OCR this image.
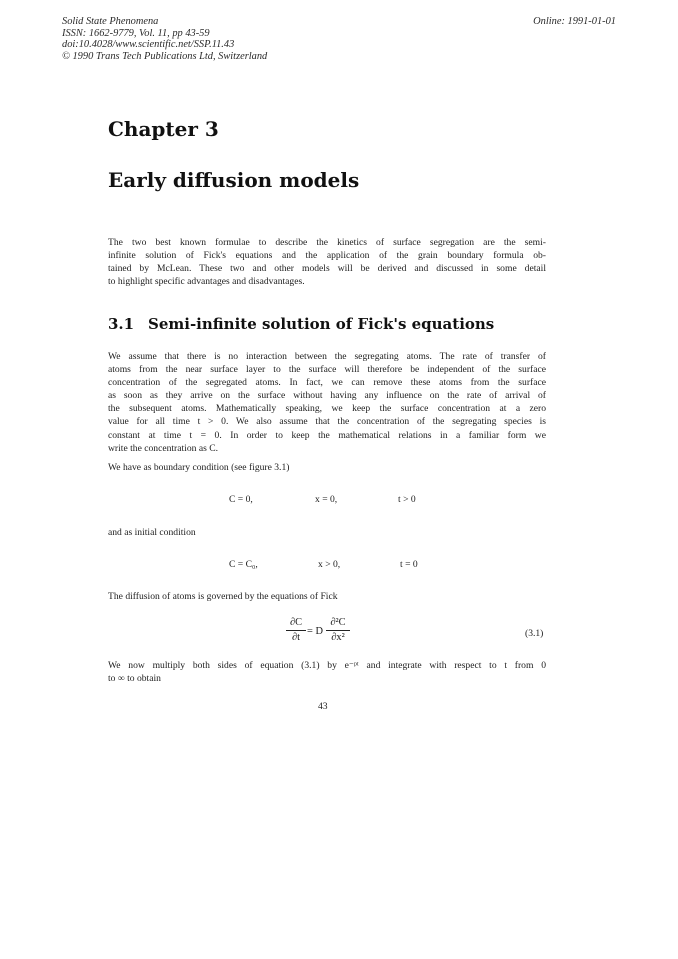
Solid State Phenomena
ISSN: 1662-9779, Vol. 11, pp 43-59
doi:10.4028/www.scientific.net/SSP.11.43
© 1990 Trans Tech Publications Ltd, Switzerland
Online: 1991-01-01
Chapter 3
Early diffusion models
The two best known formulae to describe the kinetics of surface segregation are the semi-
infinite solution of Fick's equations and the application of the grain boundary formula ob-
tained by McLean. These two and other models will be derived and discussed in some detail
to highlight specific advantages and disadvantages.
3.1 Semi-infinite solution of Fick's equations
We assume that there is no interaction between the segregating atoms. The rate of transfer of
atoms from the near surface layer to the surface will therefore be independent of the surface
concentration of the segregated atoms. In fact, we can remove these atoms from the surface
as soon as they arrive on the surface without having any influence on the rate of arrival of
the subsequent atoms. Mathematically speaking, we keep the surface concentration at a zero
value for all time t > 0. We also assume that the concentration of the segregating species is
constant at time t = 0. In order to keep the mathematical relations in a familiar form we
write the concentration as C.
We have as boundary condition (see figure 3.1)
C = 0,	x = 0,	t > 0
and as initial condition
C = C₀,	x > 0,	t = 0
The diffusion of atoms is governed by the equations of Fick
∂C
∂t
= D
∂²C
∂x²	(3.1)
We now multiply both sides of equation (3.1) by e⁻ᵖᵗ and integrate with respect to t from 0
to ∞ to obtain
43
